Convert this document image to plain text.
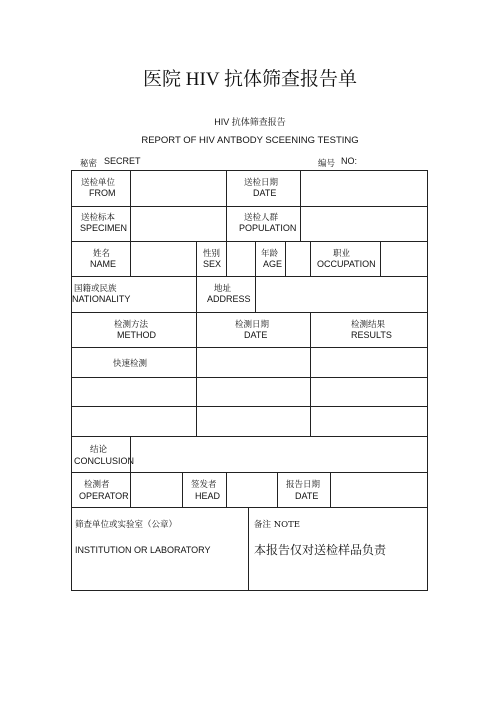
医院 HIV 抗体筛查报告单
HIV 抗体筛查报告
REPORT OF HIV ANTBODY SCEENING TESTING
秘密 SECRET	编号 NO:
送检单位
FROM
送检日期
DATE
送检标本
SPECIMEN
送检人群
POPULATION
姓名
NAME
性别
SEX
年龄
AGE
职业
OCCUPATION
国籍或民族
NATIONALITY
地址
ADDRESS
检测方法
METHOD
检测日期
DATE
检测结果
RESULTS
快速检测
结论
CONCLUSION
检测者
OPERATOR
签发者
HEAD
报告日期
DATE
筛查单位或实验室（公章）
INSTITUTION OR LABORATORY
备注 NOTE
本报告仅对送检样品负责
